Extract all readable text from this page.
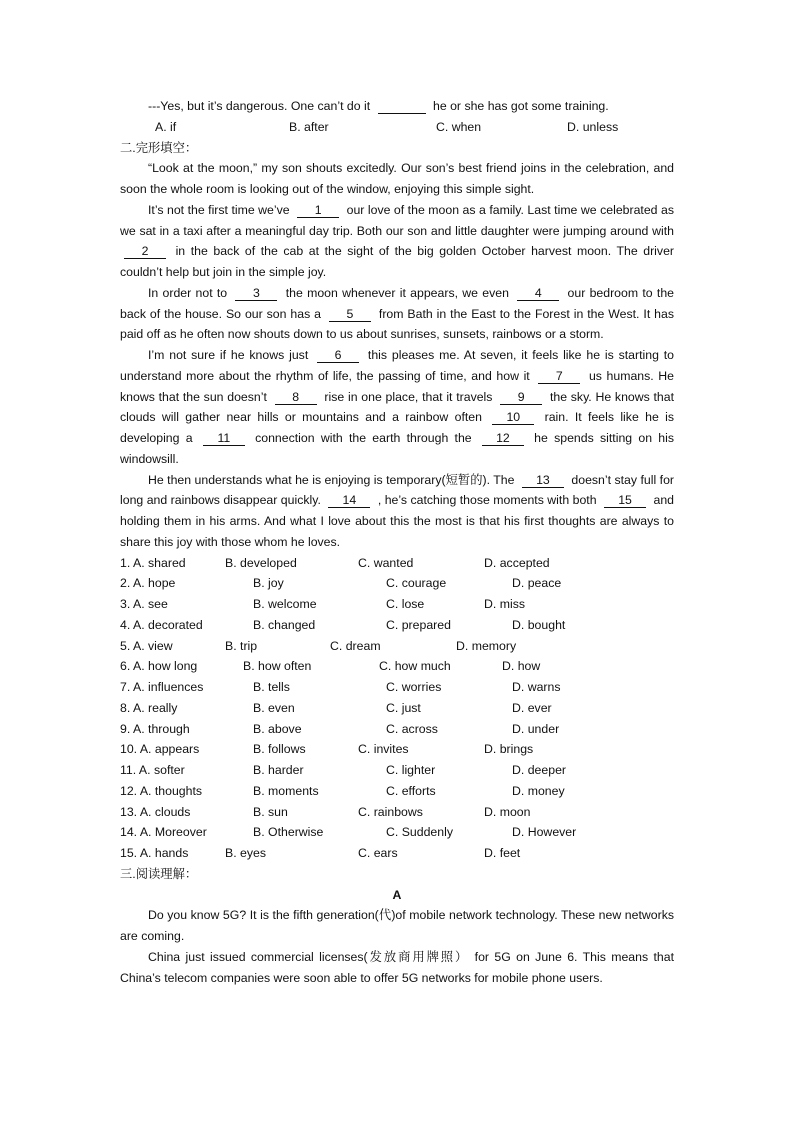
---Yes, but it’s dangerous. One can’t do it	he or she has got some training.

A. if	B. after	C. when	D. unless

二.完形填空：

“Look at the moon,” my son shouts excitedly. Our son’s best friend joins in the celebration, and soon the whole room is looking out of the window, enjoying this simple sight.

It’s not the first time we’ve 1 our love of the moon as a family. Last time we celebrated as we sat in a taxi after a meaningful day trip. Both our son and little daughter were jumping around with 2 in the back of the cab at the sight of the big golden October harvest moon. The driver couldn’t help but join in the simple joy.

In order not to 3 the moon whenever it appears, we even 4 our bedroom to the back of the house. So our son has a 5 from Bath in the East to the Forest in the West. It has paid off as he often now shouts down to us about sunrises, sunsets, rainbows or a storm.

I’m not sure if he knows just 6 this pleases me. At seven, it feels like he is starting to understand more about the rhythm of life, the passing of time, and how it 7 us humans. He knows that the sun doesn’t 8 rise in one place, that it travels 9 the sky. He knows that clouds will gather near hills or mountains and a rainbow often 10 rain. It feels like he is developing a 11 connection with the earth through the 12 he spends sitting on his windowsill.

He then understands what he is enjoying is temporary(短暂的). The 13 doesn’t stay full for long and rainbows disappear quickly. 14 , he’s catching those moments with both 15 and holding them in his arms. And what I love about this the most is that his first thoughts are always to share this joy with those whom he loves.

1. A. shared	B. developed	C. wanted	D. accepted
2. A. hope	B. joy	C. courage	D. peace
3. A. see	B. welcome	C. lose	D. miss
4. A. decorated	B. changed	C. prepared	D. bought
5. A. view	B. trip	C. dream	D. memory
6. A. how long	B. how often	C. how much	D. how
7. A. influences	B. tells	C. worries	D. warns
8. A. really	B. even	C. just	D. ever
9. A. through	B. above	C. across	D. under
10. A. appears	B. follows	C. invites	D. brings
11. A. softer	B. harder	C. lighter	D. deeper
12. A. thoughts	B. moments	C. efforts	D. money
13. A. clouds	B. sun	C. rainbows	D. moon
14. A. Moreover	B. Otherwise	C. Suddenly	D. However
15. A. hands	B. eyes	C. ears	D. feet

三.阅读理解：

A

Do you know 5G? It is the fifth generation(代)of mobile network technology. These new networks are coming.

China just issued commercial licenses(发放商用牌照） for 5G on June 6. This means that China’s telecom companies were soon able to offer 5G networks for mobile phone users.
